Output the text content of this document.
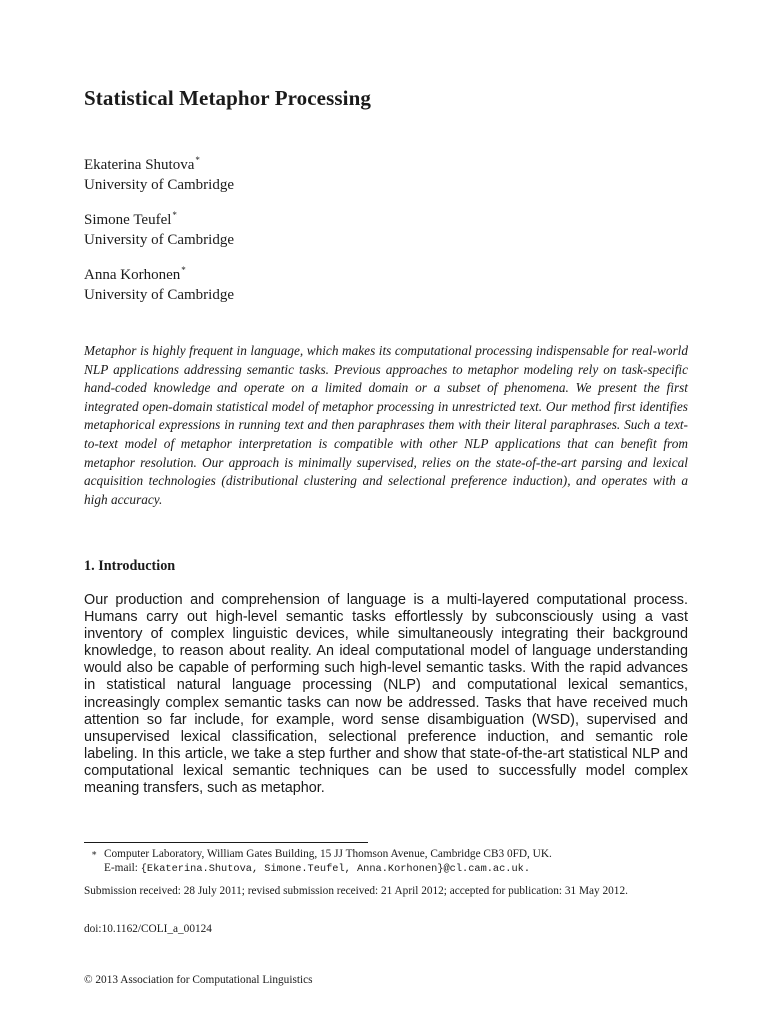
Statistical Metaphor Processing
Ekaterina Shutova*
University of Cambridge
Simone Teufel*
University of Cambridge
Anna Korhonen*
University of Cambridge

Metaphor is highly frequent in language, which makes its computational processing indispensable for real-world NLP applications addressing semantic tasks. Previous approaches to metaphor modeling rely on task-specific hand-coded knowledge and operate on a limited domain or a subset of phenomena. We present the first integrated open-domain statistical model of metaphor processing in unrestricted text. Our method first identifies metaphorical expressions in running text and then paraphrases them with their literal paraphrases. Such a text-to-text model of metaphor interpretation is compatible with other NLP applications that can benefit from metaphor resolution. Our approach is minimally supervised, relies on the state-of-the-art parsing and lexical acquisition technologies (distributional clustering and selectional preference induction), and operates with a high accuracy.

1. Introduction

Our production and comprehension of language is a multi-layered computational process. Humans carry out high-level semantic tasks effortlessly by subconsciously using a vast inventory of complex linguistic devices, while simultaneously integrating their background knowledge, to reason about reality. An ideal computational model of language understanding would also be capable of performing such high-level semantic tasks. With the rapid advances in statistical natural language processing (NLP) and computational lexical semantics, increasingly complex semantic tasks can now be addressed. Tasks that have received much attention so far include, for example, word sense disambiguation (WSD), supervised and unsupervised lexical classification, selectional preference induction, and semantic role labeling. In this article, we take a step further and show that state-of-the-art statistical NLP and computational lexical semantic techniques can be used to successfully model complex meaning transfers, such as metaphor.

∗ Computer Laboratory, William Gates Building, 15 JJ Thomson Avenue, Cambridge CB3 0FD, UK.
E-mail: {Ekaterina.Shutova, Simone.Teufel, Anna.Korhonen}@cl.cam.ac.uk.

Submission received: 28 July 2011; revised submission received: 21 April 2012; accepted for publication: 31 May 2012.

doi:10.1162/COLI_a_00124

© 2013 Association for Computational Linguistics
